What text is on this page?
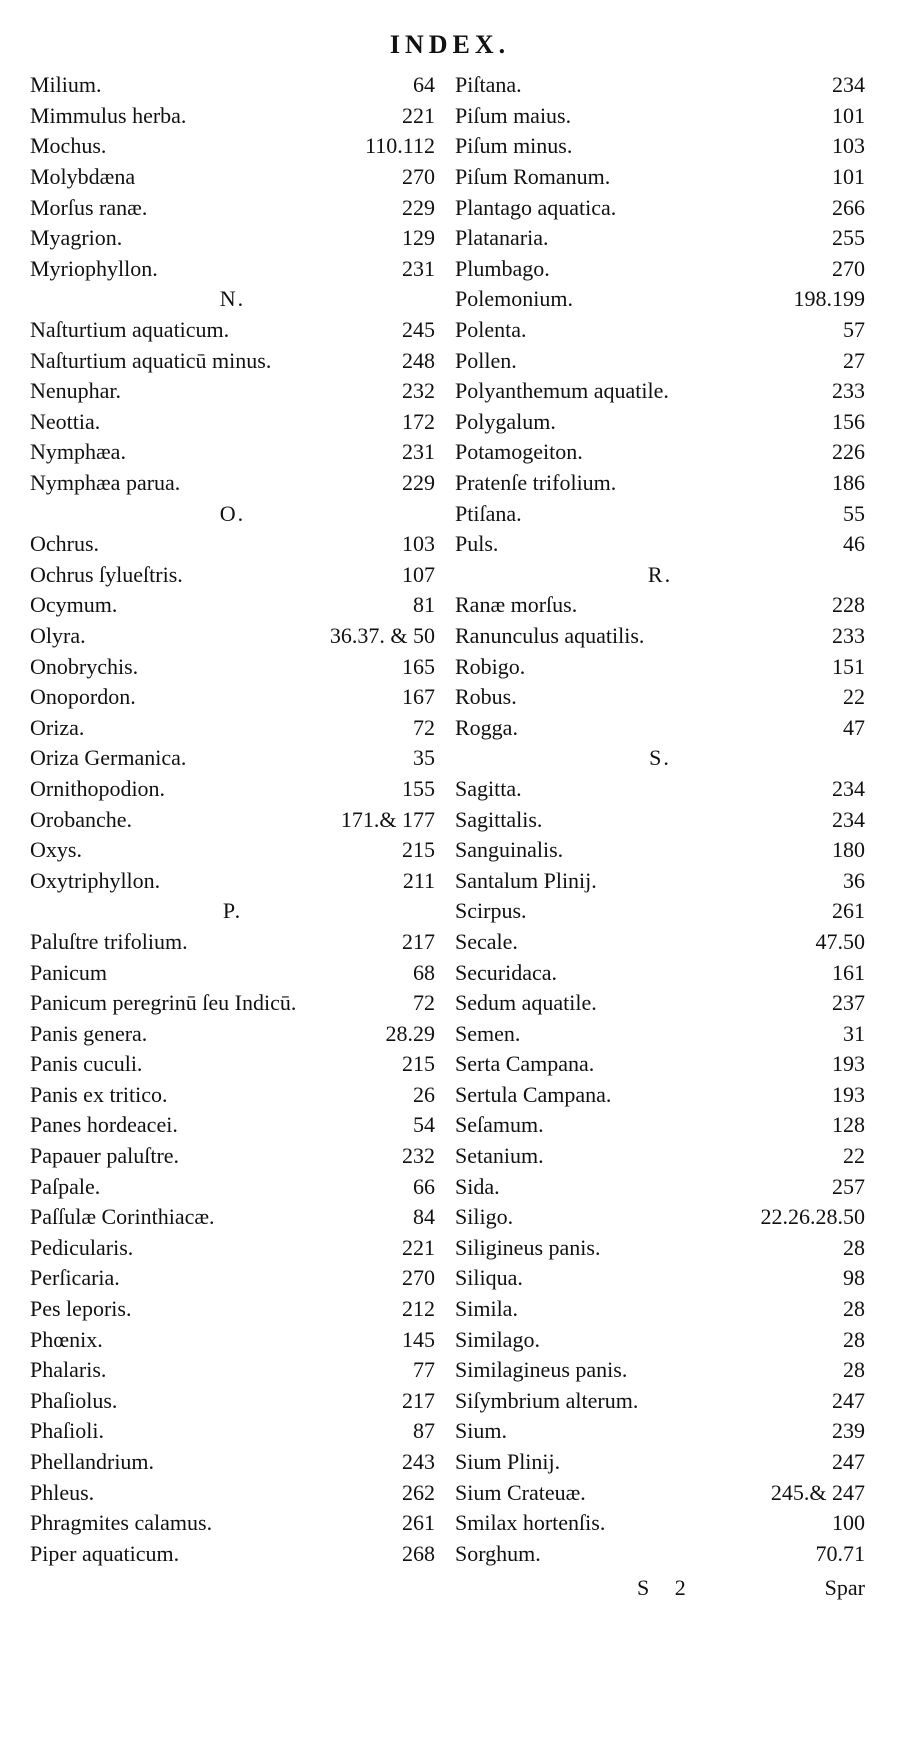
INDEX.
Milium.	64
Mimmulus herba.	221
Mochus.	110.112
Molybdæna	270
Morſus ranæ.	229
Myagrion.	129
Myriophyllon.	231
N.
Naſturtium aquaticum.	245
Naſturtium aquaticū minus.	248
Nenuphar.	232
Neottia.	172
Nymphæa.	231
Nymphæa parua.	229
O.
Ochrus.	103
Ochrus ſylueſtris.	107
Ocymum.	81
Olyra.	36.37. & 50
Onobrychis.	165
Onopordon.	167
Oriza.	72
Oriza Germanica.	35
Ornithopodion.	155
Orobanche.	171.& 177
Oxys.	215
Oxytriphyllon.	211
P.
Paluſtre trifolium.	217
Panicum	68
Panicum peregrinū ſeu Indicū.	72
Panis genera.	28.29
Panis cuculi.	215
Panis ex tritico.	26
Panes hordeacei.	54
Papauer paluſtre.	232
Paſpale.	66
Paſſulæ Corinthiacæ.	84
Pedicularis.	221
Perſicaria.	270
Pes leporis.	212
Phœnix.	145
Phalaris.	77
Phaſiolus.	217
Phaſioli.	87
Phellandrium.	243
Phleus.	262
Phragmites calamus.	261
Piper aquaticum.	268
Piſtana.	234
Piſum maius.	101
Piſum minus.	103
Piſum Romanum.	101
Plantago aquatica.	266
Platanaria.	255
Plumbago.	270
Polemonium.	198.199
Polenta.	57
Pollen.	27
Polyanthemum aquatile.	233
Polygalum.	156
Potamogeiton.	226
Pratenſe trifolium.	186
Ptiſana.	55
Puls.	46
R.
Ranæ morſus.	228
Ranunculus aquatilis.	233
Robigo.	151
Robus.	22
Rogga.	47
S.
Sagitta.	234
Sagittalis.	234
Sanguinalis.	180
Santalum Plinij.	36
Scirpus.	261
Secale.	47.50
Securidaca.	161
Sedum aquatile.	237
Semen.	31
Serta Campana.	193
Sertula Campana.	193
Seſamum.	128
Setanium.	22
Sida.	257
Siligo.	22.26.28.50
Siligineus panis.	28
Siliqua.	98
Simila.	28
Similago.	28
Similagineus panis.	28
Siſymbrium alterum.	247
Sium.	239
Sium Plinij.	247
Sium Crateuæ.	245.& 247
Smilax hortenſis.	100
Sorghum.	70.71
S 2	Spar
